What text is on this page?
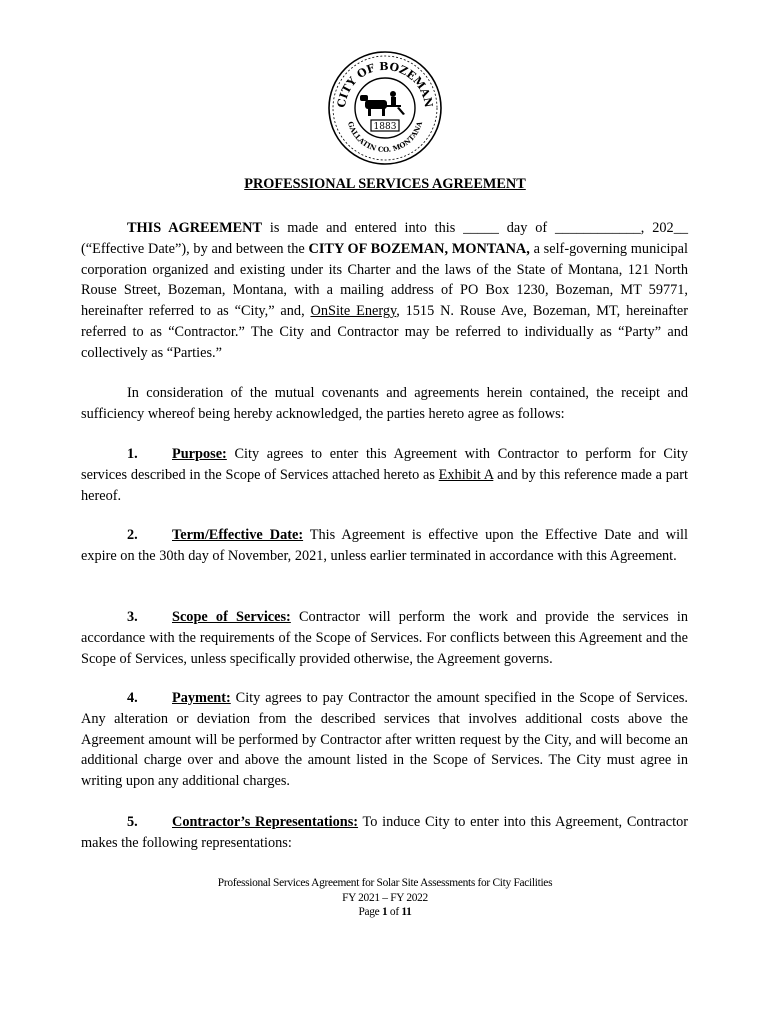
CITY OF BOZEMAN
GALLATIN CO. MONTANA
1883
PROFESSIONAL SERVICES AGREEMENT

THIS AGREEMENT is made and entered into this _____ day of ____________, 202__ (“Effective Date”), by and between the CITY OF BOZEMAN, MONTANA, a self-governing municipal corporation organized and existing under its Charter and the laws of the State of Montana, 121 North Rouse Street, Bozeman, Montana, with a mailing address of PO Box 1230, Bozeman, MT 59771, hereinafter referred to as “City,” and, OnSite Energy, 1515 N. Rouse Ave, Bozeman, MT, hereinafter referred to as “Contractor.” The City and Contractor may be referred to individually as “Party” and collectively as “Parties.”

In consideration of the mutual covenants and agreements herein contained, the receipt and sufficiency whereof being hereby acknowledged, the parties hereto agree as follows:

1. Purpose: City agrees to enter this Agreement with Contractor to perform for City services described in the Scope of Services attached hereto as Exhibit A and by this reference made a part hereof.

2. Term/Effective Date: This Agreement is effective upon the Effective Date and will expire on the 30th day of November, 2021, unless earlier terminated in accordance with this Agreement.

3. Scope of Services: Contractor will perform the work and provide the services in accordance with the requirements of the Scope of Services. For conflicts between this Agreement and the Scope of Services, unless specifically provided otherwise, the Agreement governs.

4. Payment: City agrees to pay Contractor the amount specified in the Scope of Services. Any alteration or deviation from the described services that involves additional costs above the Agreement amount will be performed by Contractor after written request by the City, and will become an additional charge over and above the amount listed in the Scope of Services. The City must agree in writing upon any additional charges.

5. Contractor’s Representations: To induce City to enter into this Agreement, Contractor makes the following representations:

Professional Services Agreement for Solar Site Assessments for City Facilities
FY 2021 – FY 2022
Page 1 of 11
